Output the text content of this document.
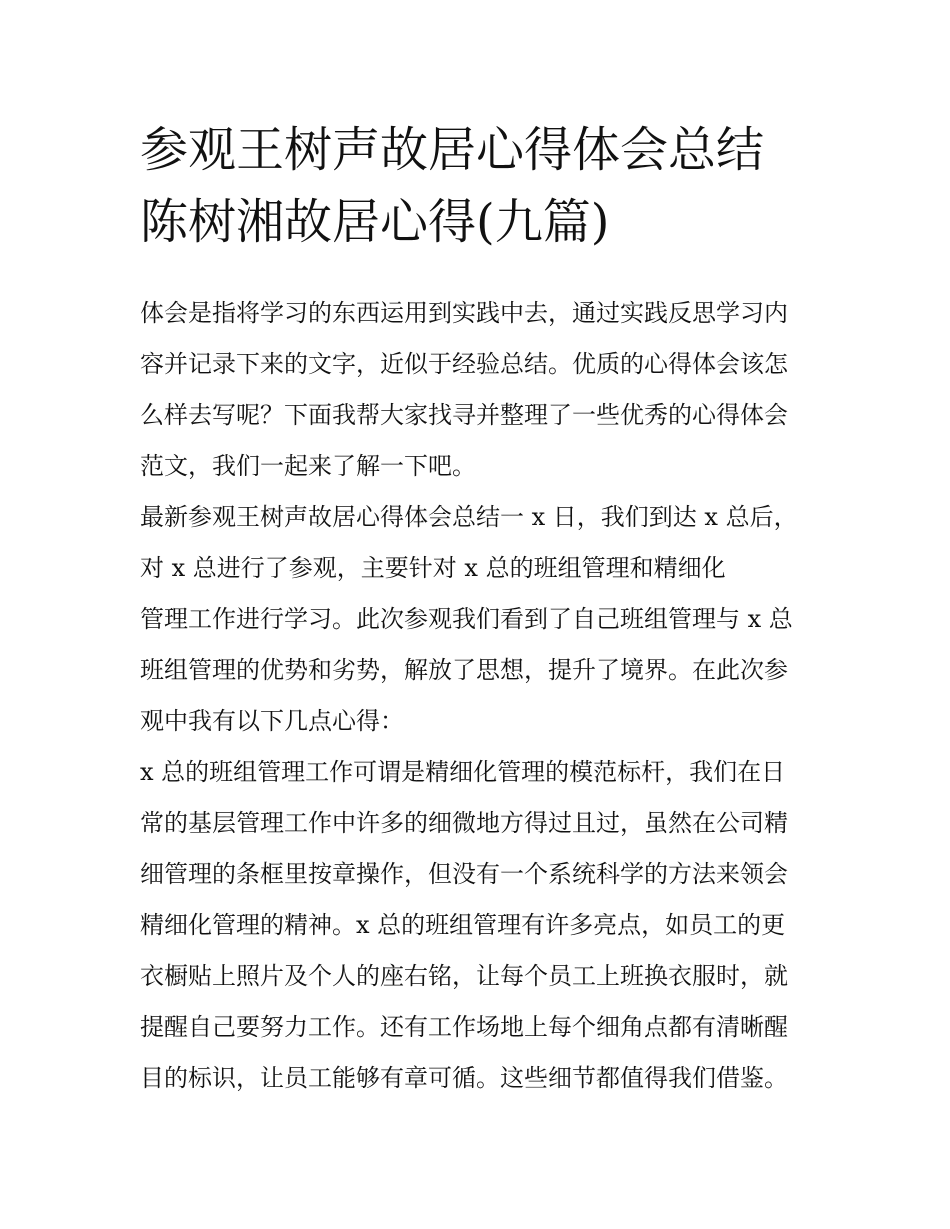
参观王树声故居心得体会总结
陈树湘故居心得(九篇)
体会是指将学习的东西运用到实践中去，通过实践反思学习内
容并记录下来的文字，近似于经验总结。优质的心得体会该怎
么样去写呢？下面我帮大家找寻并整理了一些优秀的心得体会
范文，我们一起来了解一下吧。
最新参观王树声故居心得体会总结一 x 日，我们到达 x 总后，
对 x 总进行了参观，主要针对 x 总的班组管理和精细化
管理工作进行学习。此次参观我们看到了自己班组管理与 x 总
班组管理的优势和劣势，解放了思想，提升了境界。在此次参
观中我有以下几点心得：
x 总的班组管理工作可谓是精细化管理的模范标杆，我们在日
常的基层管理工作中许多的细微地方得过且过，虽然在公司精
细管理的条框里按章操作，但没有一个系统科学的方法来领会
精细化管理的精神。x 总的班组管理有许多亮点，如员工的更
衣橱贴上照片及个人的座右铭，让每个员工上班换衣服时，就
提醒自己要努力工作。还有工作场地上每个细角点都有清晰醒
目的标识，让员工能够有章可循。这些细节都值得我们借鉴。
